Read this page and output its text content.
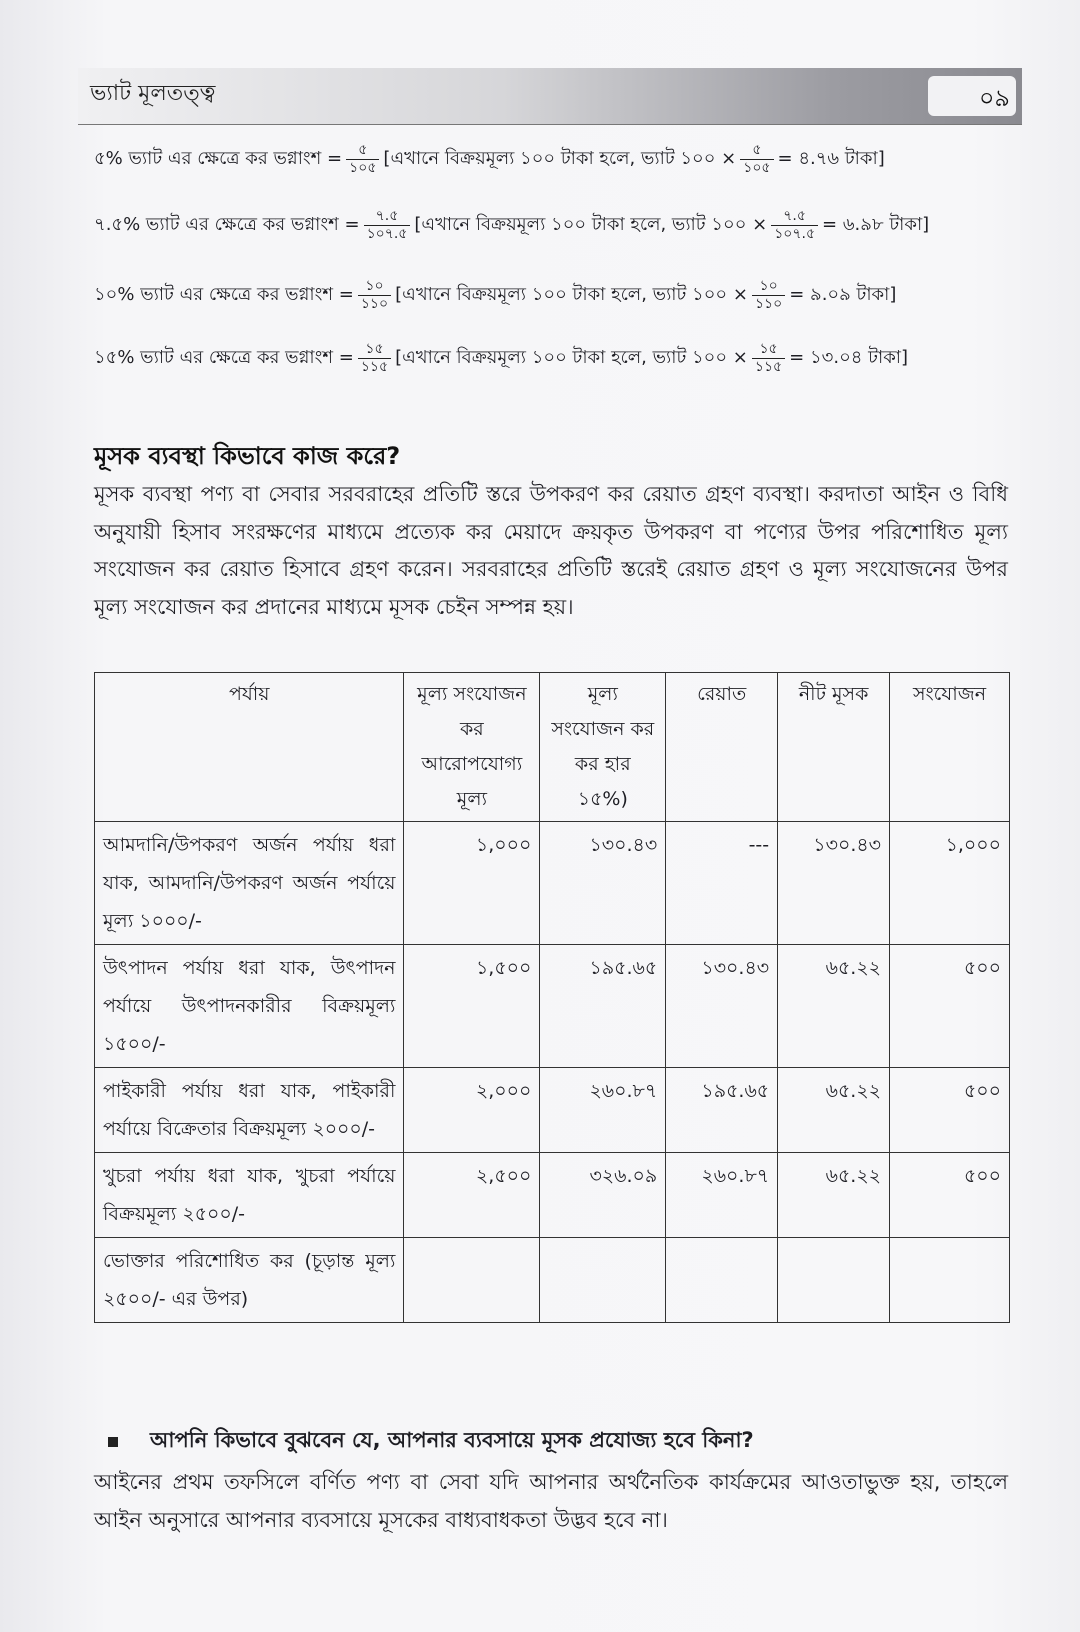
ভ্যাট মূলতত্ত্ব	০৯
৫% ভ্যাট এর ক্ষেত্রে কর ভগ্নাংশ = $\frac{৫}{১০৫}$ [এখানে বিক্রয়মূল্য ১০০ টাকা হলে, ভ্যাট ১০০ × $\frac{৫}{১০৫}$ = ৪.৭৬ টাকা]
৭.৫% ভ্যাট এর ক্ষেত্রে কর ভগ্নাংশ = $\frac{৭.৫}{১০৭.৫}$ [এখানে বিক্রয়মূল্য ১০০ টাকা হলে, ভ্যাট ১০০ × $\frac{৭.৫}{১০৭.৫}$ = ৬.৯৮ টাকা]
১০% ভ্যাট এর ক্ষেত্রে কর ভগ্নাংশ = $\frac{১০}{১১০}$ [এখানে বিক্রয়মূল্য ১০০ টাকা হলে, ভ্যাট ১০০ × $\frac{১০}{১১০}$ = ৯.০৯ টাকা]
১৫% ভ্যাট এর ক্ষেত্রে কর ভগ্নাংশ = $\frac{১৫}{১১৫}$ [এখানে বিক্রয়মূল্য ১০০ টাকা হলে, ভ্যাট ১০০ × $\frac{১৫}{১১৫}$ = ১৩.০৪ টাকা]
মূসক ব্যবস্থা কিভাবে কাজ করে?

মূসক ব্যবস্থা পণ্য বা সেবার সরবরাহের প্রতিটি স্তরে উপকরণ কর রেয়াত গ্রহণ ব্যবস্থা। করদাতা আইন ও বিধি অনুযায়ী হিসাব সংরক্ষণের মাধ্যমে প্রত্যেক কর মেয়াদে ক্রয়কৃত উপকরণ বা পণ্যের উপর পরিশোধিত মূল্য সংযোজন কর রেয়াত হিসাবে গ্রহণ করেন। সরবরাহের প্রতিটি স্তরেই রেয়াত গ্রহণ ও মূল্য সংযোজনের উপর মূল্য সংযোজন কর প্রদানের মাধ্যমে মূসক চেইন সম্পন্ন হয়।

পর্যায়	মূল্য সংযোজন কর আরোপযোগ্য মূল্য	মূল্য সংযোজন কর কর হার ১৫%)	রেয়াত	নীট মূসক	সংযোজন
আমদানি/উপকরণ অর্জন পর্যায় ধরা যাক, আমদানি/উপকরণ অর্জন পর্যায়ে মূল্য ১০০০/-	১,০০০	১৩০.৪৩	---	১৩০.৪৩	১,০০০
উৎপাদন পর্যায় ধরা যাক, উৎপাদন পর্যায়ে উৎপাদনকারীর বিক্রয়মূল্য ১৫০০/-	১,৫০০	১৯৫.৬৫	১৩০.৪৩	৬৫.২২	৫০০
পাইকারী পর্যায় ধরা যাক, পাইকারী পর্যায়ে বিক্রেতার বিক্রয়মূল্য ২০০০/-	২,০০০	২৬০.৮৭	১৯৫.৬৫	৬৫.২২	৫০০
খুচরা পর্যায় ধরা যাক, খুচরা পর্যায়ে বিক্রয়মূল্য ২৫০০/-	২,৫০০	৩২৬.০৯	২৬০.৮৭	৬৫.২২	৫০০
ভোক্তার পরিশোধিত কর (চূড়ান্ত মূল্য ২৫০০/- এর উপর)					
আপনি কিভাবে বুঝবেন যে, আপনার ব্যবসায়ে মূসক প্রযোজ্য হবে কিনা?

আইনের প্রথম তফসিলে বর্ণিত পণ্য বা সেবা যদি আপনার অর্থনৈতিক কার্যক্রমের আওতাভুক্ত হয়, তাহলে আইন অনুসারে আপনার ব্যবসায়ে মূসকের বাধ্যবাধকতা উদ্ভব হবে না।
